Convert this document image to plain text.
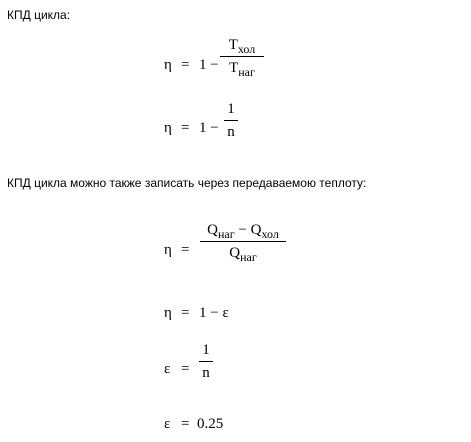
КПД цикла:
η = 1 −
$T_{хол}$
$T_{наг}$
η = 1 −
1
n
КПД цикла можно также записать через передаваемою теплоту:
η =
$Q_{наг} - Q_{хол}$
$Q_{наг}$
η = 1 − ε
ε =
1
n
ε = 0.25
